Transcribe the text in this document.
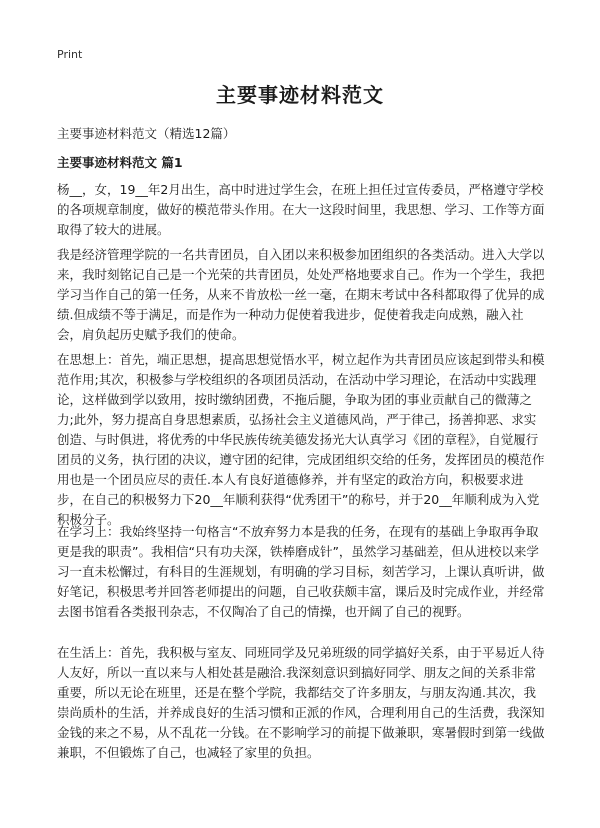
Print
主要事迹材料范文
主要事迹材料范文（精选12篇）
主要事迹材料范文 篇1

杨__，女，19__年2月出生，高中时进过学生会，在班上担任过宣传委员，严格遵守学校的各项规章制度，做好的模范带头作用。在大一这段时间里，我思想、学习、工作等方面取得了较大的进展。

我是经济管理学院的一名共青团员，自入团以来积极参加团组织的各类活动。进入大学以来，我时刻铭记自己是一个光荣的共青团员，处处严格地要求自己。作为一个学生，我把学习当作自己的第一任务，从来不肯放松一丝一毫，在期末考试中各科都取得了优异的成绩.但成绩不等于满足，而是作为一种动力促使着我进步，促使着我走向成熟，融入社会，肩负起历史赋予我们的使命。

在思想上：首先，端正思想，提高思想觉悟水平，树立起作为共青团员应该起到带头和模范作用;其次，积极参与学校组织的各项团员活动，在活动中学习理论，在活动中实践理论，这样做到学以致用，按时缴纳团费，不拖后腿，争取为团的事业贡献自己的微薄之力;此外，努力提高自身思想素质，弘扬社会主义道德风尚，严于律己，扬善抑恶、求实创造、与时俱进，将优秀的中华民族传统美德发扬光大认真学习《团的章程》，自觉履行团员的义务，执行团的决议，遵守团的纪律，完成团组织交给的任务，发挥团员的模范作用也是一个团员应尽的责任.本人有良好道德修养，并有坚定的政治方向，积极要求进步，在自己的积极努力下20__年顺利获得“优秀团干”的称号，并于20__年顺利成为入党积极分子。

在学习上：我始终坚持一句格言“不放弃努力本是我的任务，在现有的基础上争取再争取更是我的职责”。我相信“只有功夫深，铁棒磨成针”，虽然学习基础差，但从进校以来学习一直未松懈过，有科目的生涯规划，有明确的学习目标，刻苦学习，上课认真听讲，做好笔记，积极思考并回答老师提出的问题，自己收获颇丰富，课后及时完成作业，并经常去图书馆看各类报刊杂志，不仅陶冶了自己的情操，也开阔了自己的视野。

在生活上：首先，我积极与室友、同班同学及兄弟班级的同学搞好关系，由于平易近人待人友好，所以一直以来与人相处甚是融洽.我深刻意识到搞好同学、朋友之间的关系非常重要，所以无论在班里，还是在整个学院，我都结交了许多朋友，与朋友沟通.其次，我崇尚质朴的生活，并养成良好的生活习惯和正派的作风，合理利用自己的生活费，我深知金钱的来之不易，从不乱花一分钱。在不影响学习的前提下做兼职，寒暑假时到第一线做兼职，不但锻炼了自己，也减轻了家里的负担。
